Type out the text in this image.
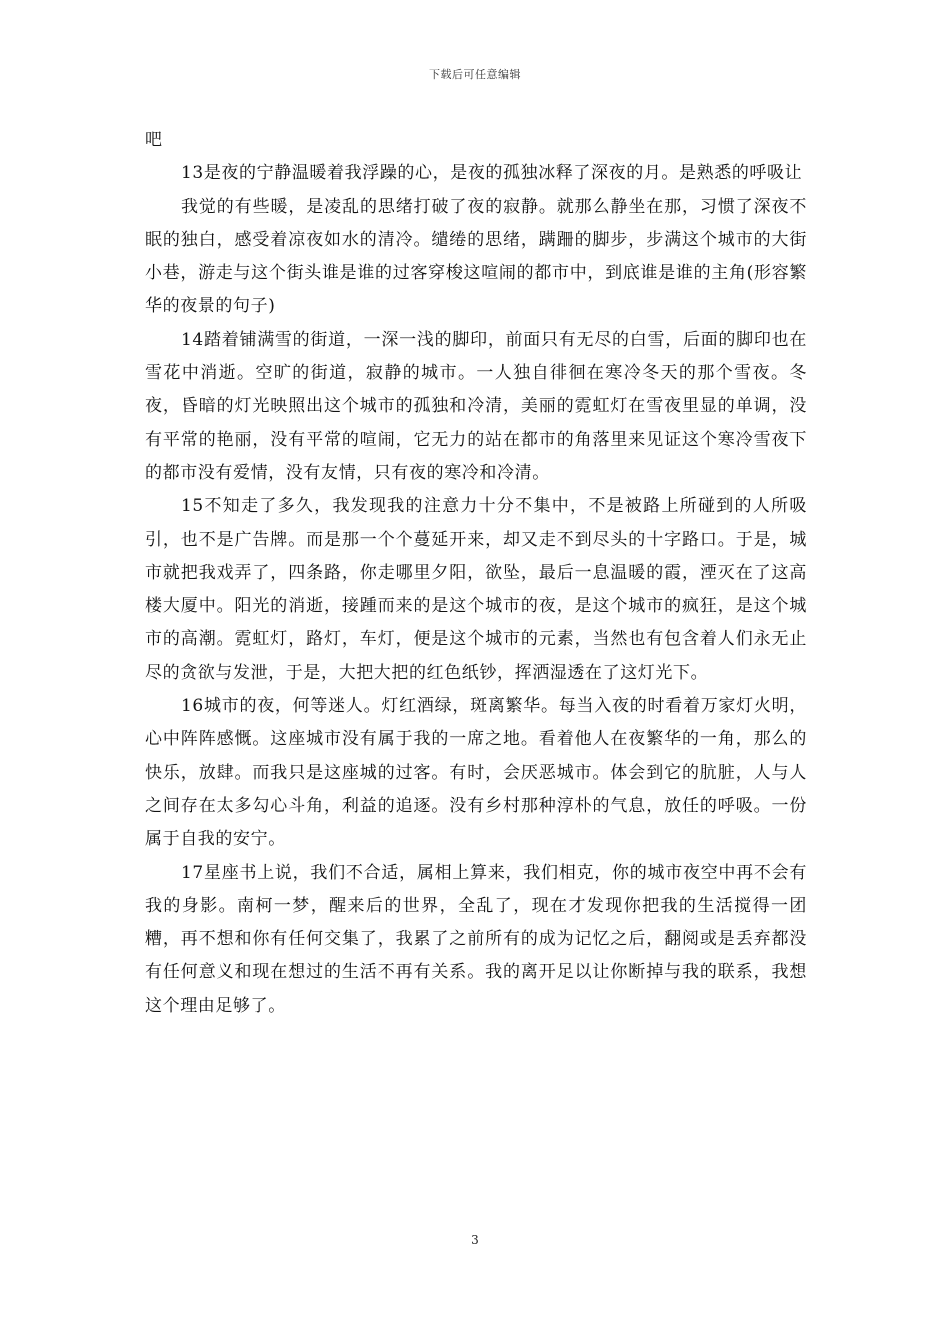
下载后可任意编辑

吧

13是夜的宁静温暖着我浮躁的心，是夜的孤独冰释了深夜的月。是熟悉的呼吸让

我觉的有些暖，是凌乱的思绪打破了夜的寂静。就那么静坐在那，习惯了深夜不眠的独白，感受着凉夜如水的清冷。缱绻的思绪，蹒跚的脚步，步满这个城市的大街小巷，游走与这个街头谁是谁的过客穿梭这喧闹的都市中，到底谁是谁的主角(形容繁华的夜景的句子)

14踏着铺满雪的街道，一深一浅的脚印，前面只有无尽的白雪，后面的脚印也在雪花中消逝。空旷的街道，寂静的城市。一人独自徘徊在寒冷冬天的那个雪夜。冬夜，昏暗的灯光映照出这个城市的孤独和冷清，美丽的霓虹灯在雪夜里显的单调，没有平常的艳丽，没有平常的喧闹，它无力的站在都市的角落里来见证这个寒冷雪夜下的都市没有爱情，没有友情，只有夜的寒冷和冷清。

15不知走了多久，我发现我的注意力十分不集中，不是被路上所碰到的人所吸引，也不是广告牌。而是那一个个蔓延开来，却又走不到尽头的十字路口。于是，城市就把我戏弄了，四条路，你走哪里夕阳，欲坠，最后一息温暖的霞，湮灭在了这高楼大厦中。阳光的消逝，接踵而来的是这个城市的夜，是这个城市的疯狂，是这个城市的高潮。霓虹灯，路灯，车灯，便是这个城市的元素，当然也有包含着人们永无止尽的贪欲与发泄，于是，大把大把的红色纸钞，挥洒湿透在了这灯光下。

16城市的夜，何等迷人。灯红酒绿，斑离繁华。每当入夜的时看着万家灯火明，心中阵阵感慨。这座城市没有属于我的一席之地。看着他人在夜繁华的一角，那么的快乐，放肆。而我只是这座城的过客。有时，会厌恶城市。体会到它的肮脏，人与人之间存在太多勾心斗角，利益的追逐。没有乡村那种淳朴的气息，放任的呼吸。一份属于自我的安宁。

17星座书上说，我们不合适，属相上算来，我们相克，你的城市夜空中再不会有我的身影。南柯一梦，醒来后的世界，全乱了，现在才发现你把我的生活搅得一团糟，再不想和你有任何交集了，我累了之前所有的成为记忆之后，翻阅或是丢弃都没有任何意义和现在想过的生活不再有关系。我的离开足以让你断掉与我的联系，我想这个理由足够了。

3
